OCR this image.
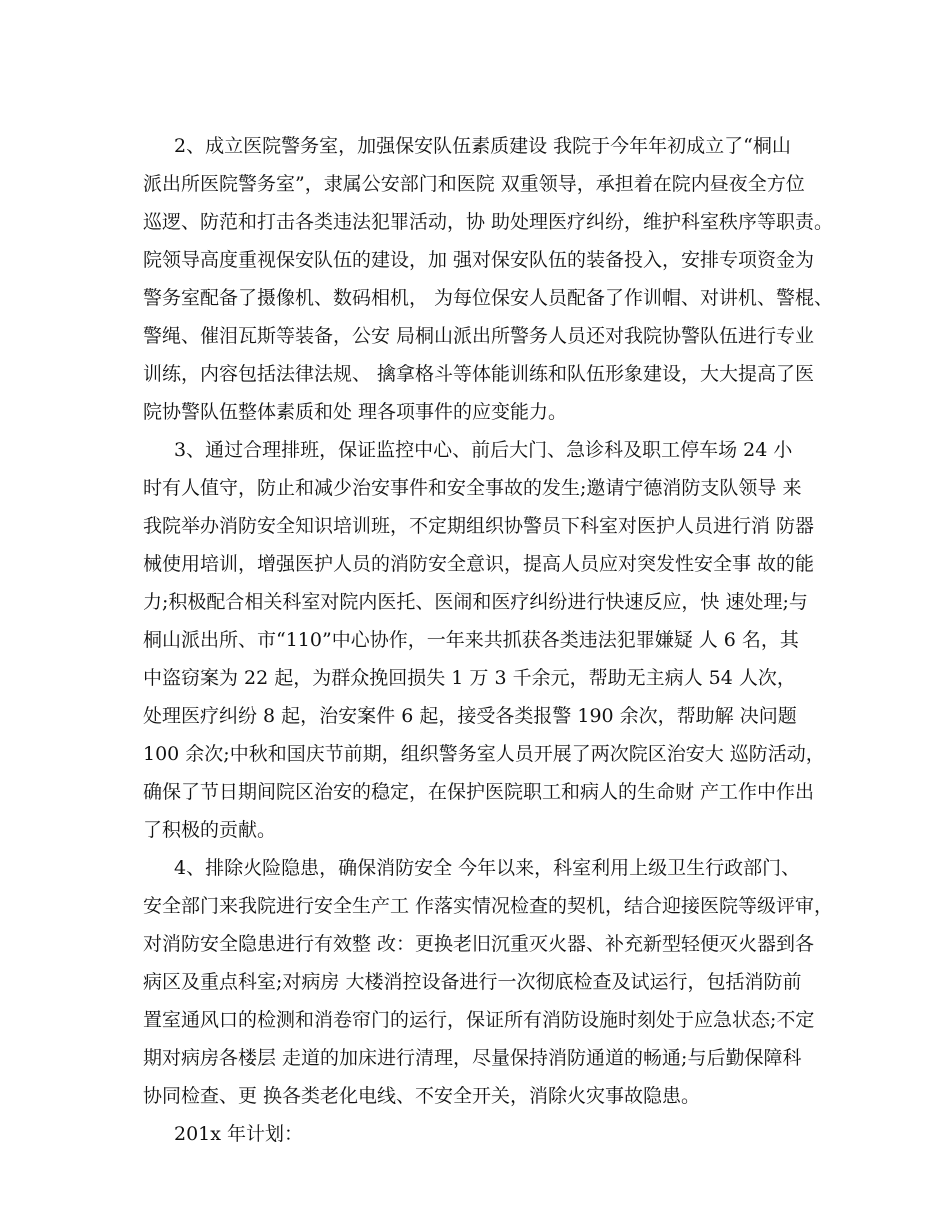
2、成立医院警务室，加强保安队伍素质建设 我院于今年年初成立了“桐山
派出所医院警务室”，隶属公安部门和医院 双重领导，承担着在院内昼夜全方位
巡逻、防范和打击各类违法犯罪活动，协 助处理医疗纠纷，维护科室秩序等职责。
院领导高度重视保安队伍的建设，加 强对保安队伍的装备投入，安排专项资金为
警务室配备了摄像机、数码相机， 为每位保安人员配备了作训帽、对讲机、警棍、
警绳、催泪瓦斯等装备，公安 局桐山派出所警务人员还对我院协警队伍进行专业
训练，内容包括法律法规、 擒拿格斗等体能训练和队伍形象建设，大大提高了医
院协警队伍整体素质和处 理各项事件的应变能力。
3、通过合理排班，保证监控中心、前后大门、急诊科及职工停车场 24 小
时有人值守，防止和减少治安事件和安全事故的发生;邀请宁德消防支队领导 来
我院举办消防安全知识培训班，不定期组织协警员下科室对医护人员进行消 防器
械使用培训，增强医护人员的消防安全意识，提高人员应对突发性安全事 故的能
力;积极配合相关科室对院内医托、医闹和医疗纠纷进行快速反应，快 速处理;与
桐山派出所、市“110”中心协作，一年来共抓获各类违法犯罪嫌疑 人 6 名，其
中盗窃案为 22 起，为群众挽回损失 1 万 3 千余元，帮助无主病人 54 人次，
处理医疗纠纷 8 起，治安案件 6 起，接受各类报警 190 余次，帮助解 决问题
100 余次;中秋和国庆节前期，组织警务室人员开展了两次院区治安大 巡防活动，
确保了节日期间院区治安的稳定，在保护医院职工和病人的生命财 产工作中作出
了积极的贡献。
4、排除火险隐患，确保消防安全 今年以来，科室利用上级卫生行政部门、
安全部门来我院进行安全生产工 作落实情况检查的契机，结合迎接医院等级评审，
对消防安全隐患进行有效整 改：更换老旧沉重灭火器、补充新型轻便灭火器到各
病区及重点科室;对病房 大楼消控设备进行一次彻底检查及试运行，包括消防前
置室通风口的检测和消卷帘门的运行，保证所有消防设施时刻处于应急状态;不定
期对病房各楼层 走道的加床进行清理，尽量保持消防通道的畅通;与后勤保障科
协同检查、更 换各类老化电线、不安全开关，消除火灾事故隐患。
201x 年计划：
